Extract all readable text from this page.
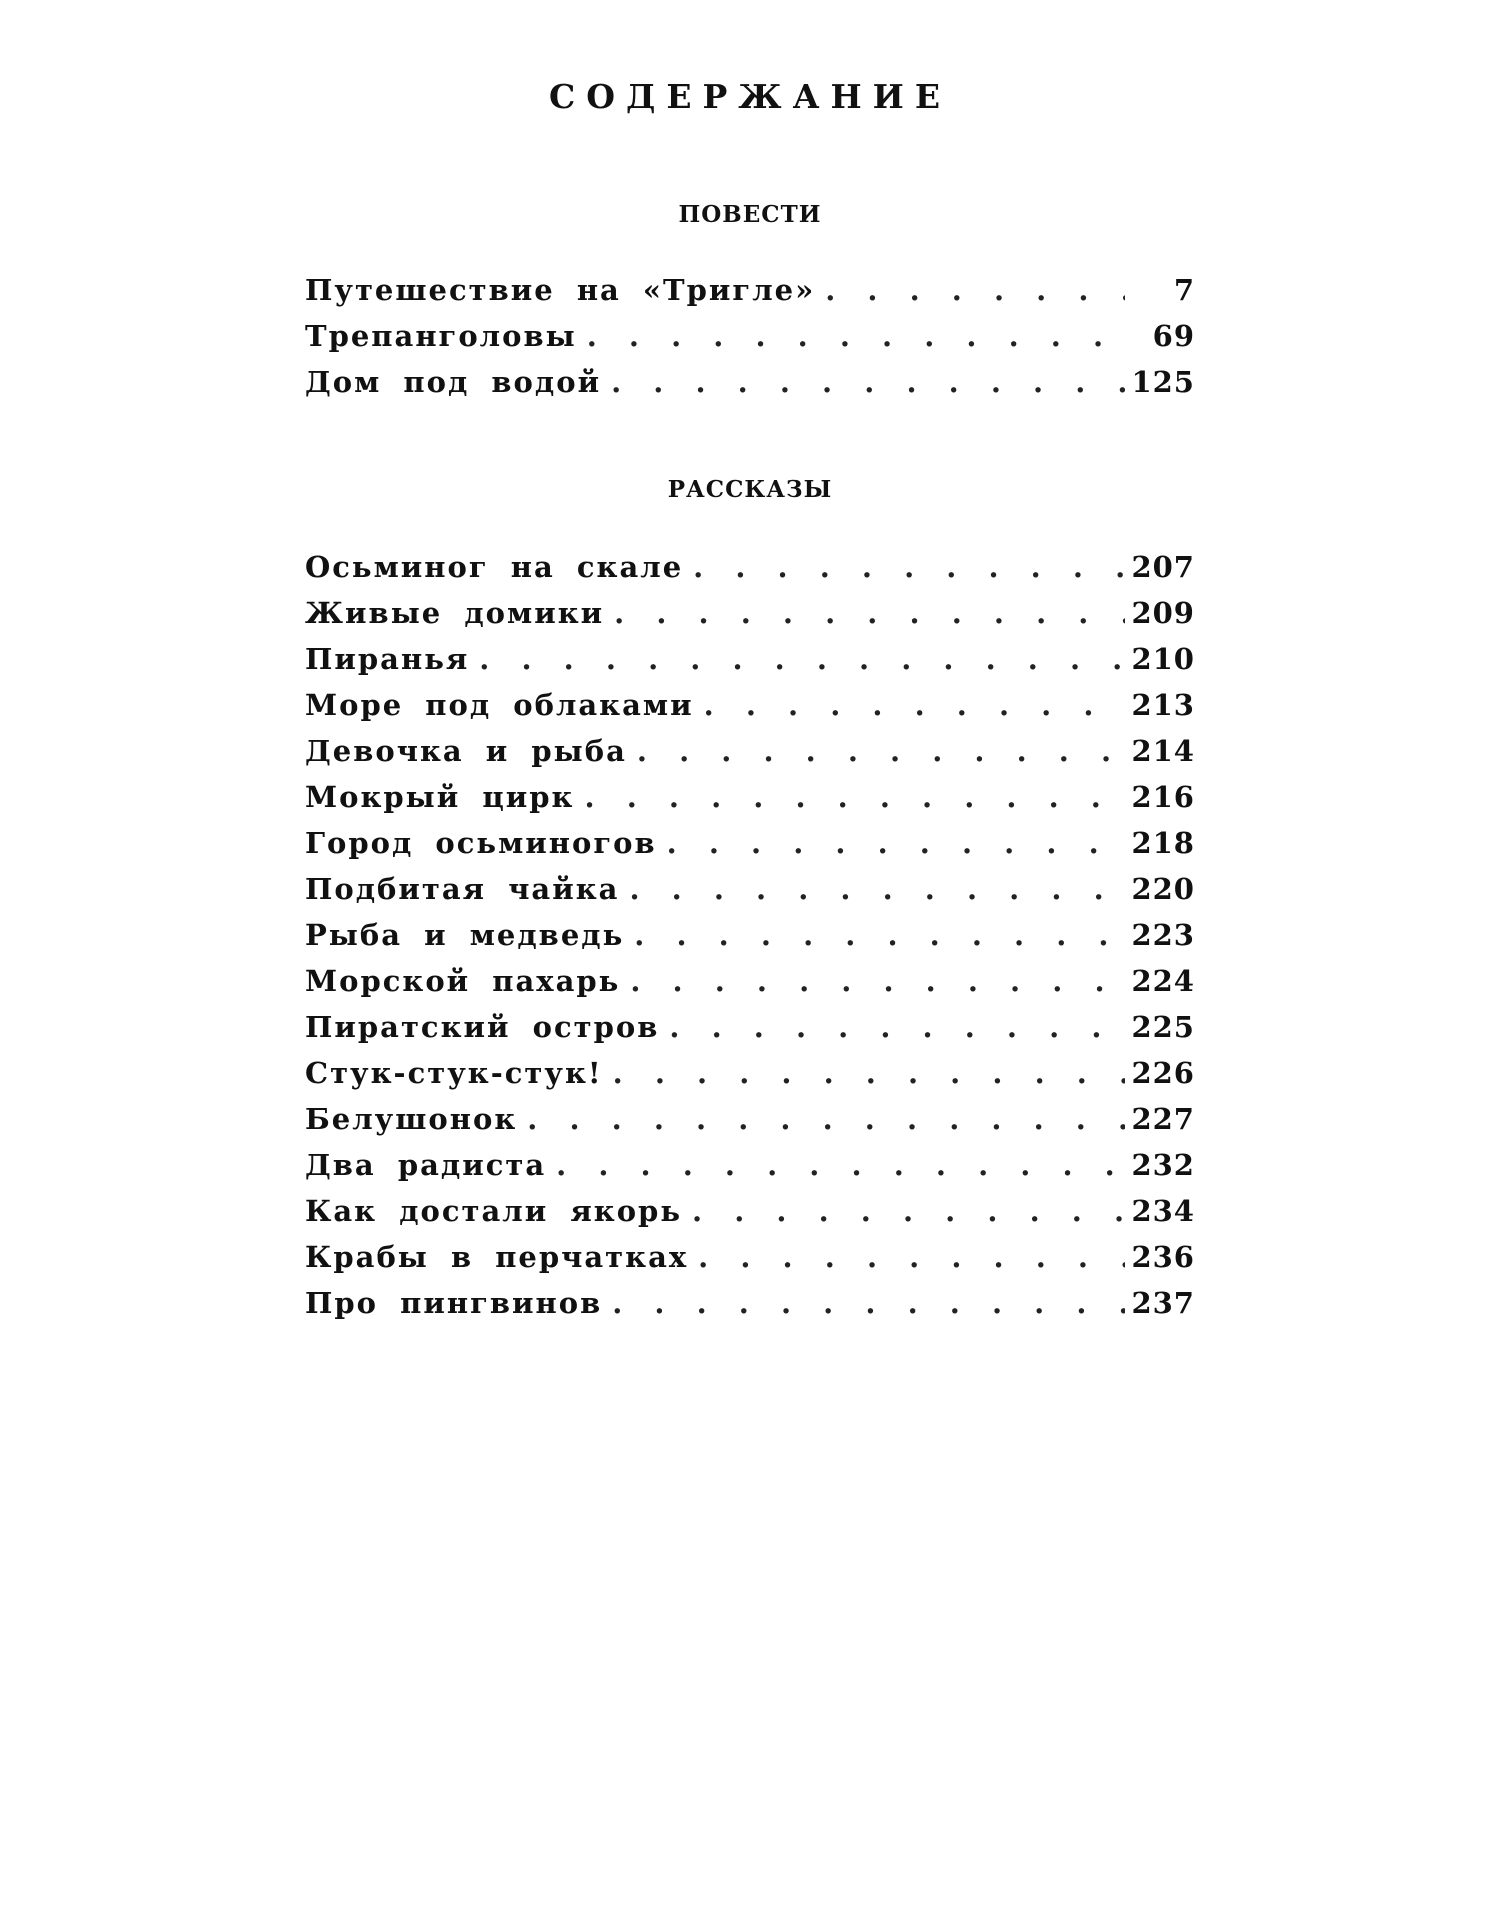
СОДЕРЖАНИЕ
ПОВЕСТИ
Путешествие на «Тригле» . . .	7
Трепанголовы . . .	69
Дом под водой . . .	125
РАССКАЗЫ
Осьминог на скале . . .	207
Живые домики . . .	209
Пиранья . . .	210
Море под облаками . . .	213
Девочка и рыба . . .	214
Мокрый цирк . . .	216
Город осьминогов . . .	218
Подбитая чайка . . .	220
Рыба и медведь . . .	223
Морской пахарь . . .	224
Пиратский остров . . .	225
Стук-стук-стук! . . .	226
Белушонок . . .	227
Два радиста . . .	232
Как достали якорь . . .	234
Крабы в перчатках . . .	236
Про пингвинов . . .	237
